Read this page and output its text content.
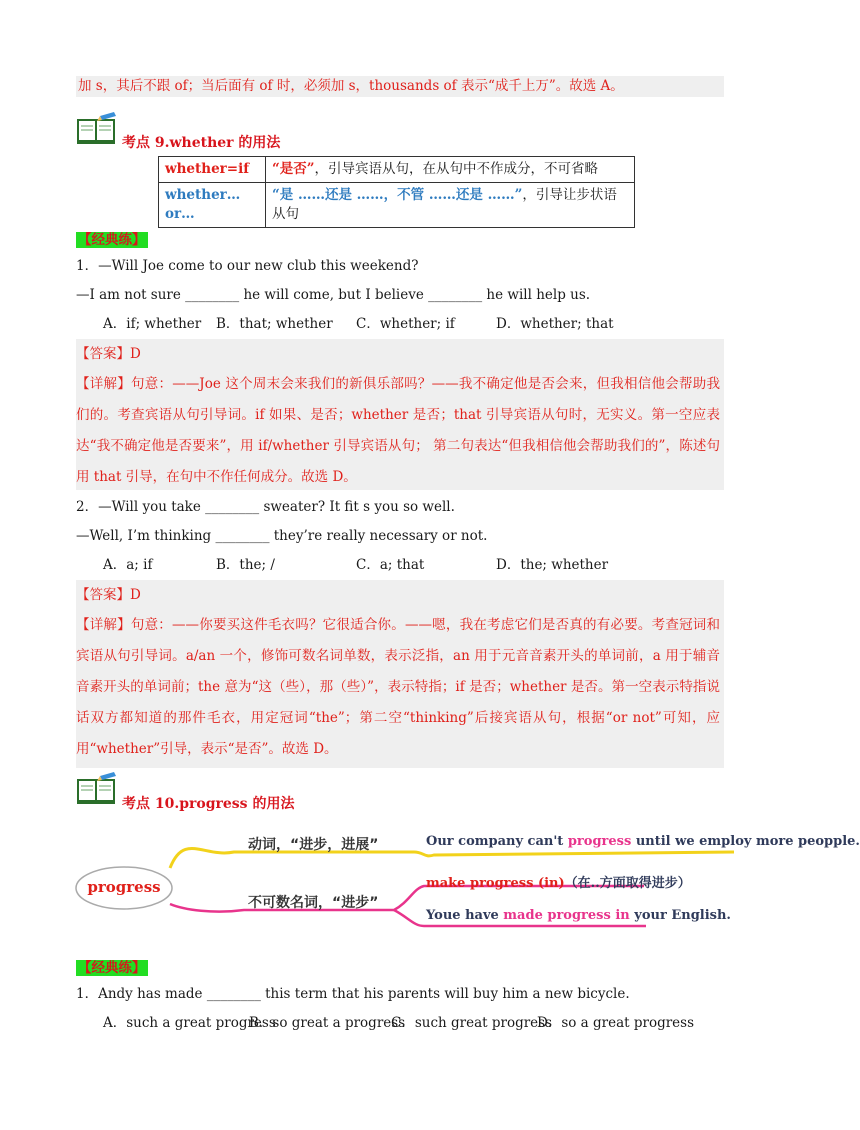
加 s，其后不跟 of；当后面有 of 时，必须加 s，thousands of 表示“成千上万”。故选 A。
考点 9.whether 的用法
whether=if	“是否”，引导宾语从句，在从句中不作成分，不可省略
whether…or…	“是 ……还是 ……，不管 ……还是 ……”，引导让步状语从句
【经典练】
1．—Will Joe come to our new club this weekend?
—I am not sure ________ he will come, but I believe ________ he will help us.
A．if; whether B．that; whether C．whether; if	D．whether; that
【答案】D
【详解】句意：——Joe 这个周末会来我们的新俱乐部吗？——我不确定他是否会来，但我相信他会帮助我们的。考查宾语从句引导词。if 如果、是否；whether 是否；that 引导宾语从句时，无实义。第一空应表达“我不确定他是否要来”，用 if/whether 引导宾语从句； 第二句表达“但我相信他会帮助我们的”，陈述句用 that 引导，在句中不作任何成分。故选 D。
2．—Will you take ________ sweater? It fit s you so well.
—Well, I’m thinking ________ they’re really necessary or not.
A．a; if	B．the; /	C．a; that	D．the; whether
【答案】D
【详解】句意：——你要买这件毛衣吗？它很适合你。——嗯，我在考虑它们是否真的有必要。考查冠词和宾语从句引导词。a/an 一个，修饰可数名词单数，表示泛指，an 用于元音音素开头的单词前，a 用于辅音音素开头的单词前；the 意为“这（些），那（些）”，表示特指；if 是否；whether 是否。第一空表示特指说话双方都知道的那件毛衣，用定冠词“the”；第二空“thinking”后接宾语从句，根据“or not”可知，应用“whether”引导，表示“是否”。故选 D。
考点 10.progress 的用法
progress
动词，“进步，进展”	Our company can't progress until we employ more peopple.
不可数名词，“进步”
make progress (in)（在..方面取得进步）
Youe have made progress in your English.
【经典练】
1．Andy has made ________ this term that his parents will buy him a new bicycle.
A．such a great progressB．so great a progressC．such great progressD．so a great progress
